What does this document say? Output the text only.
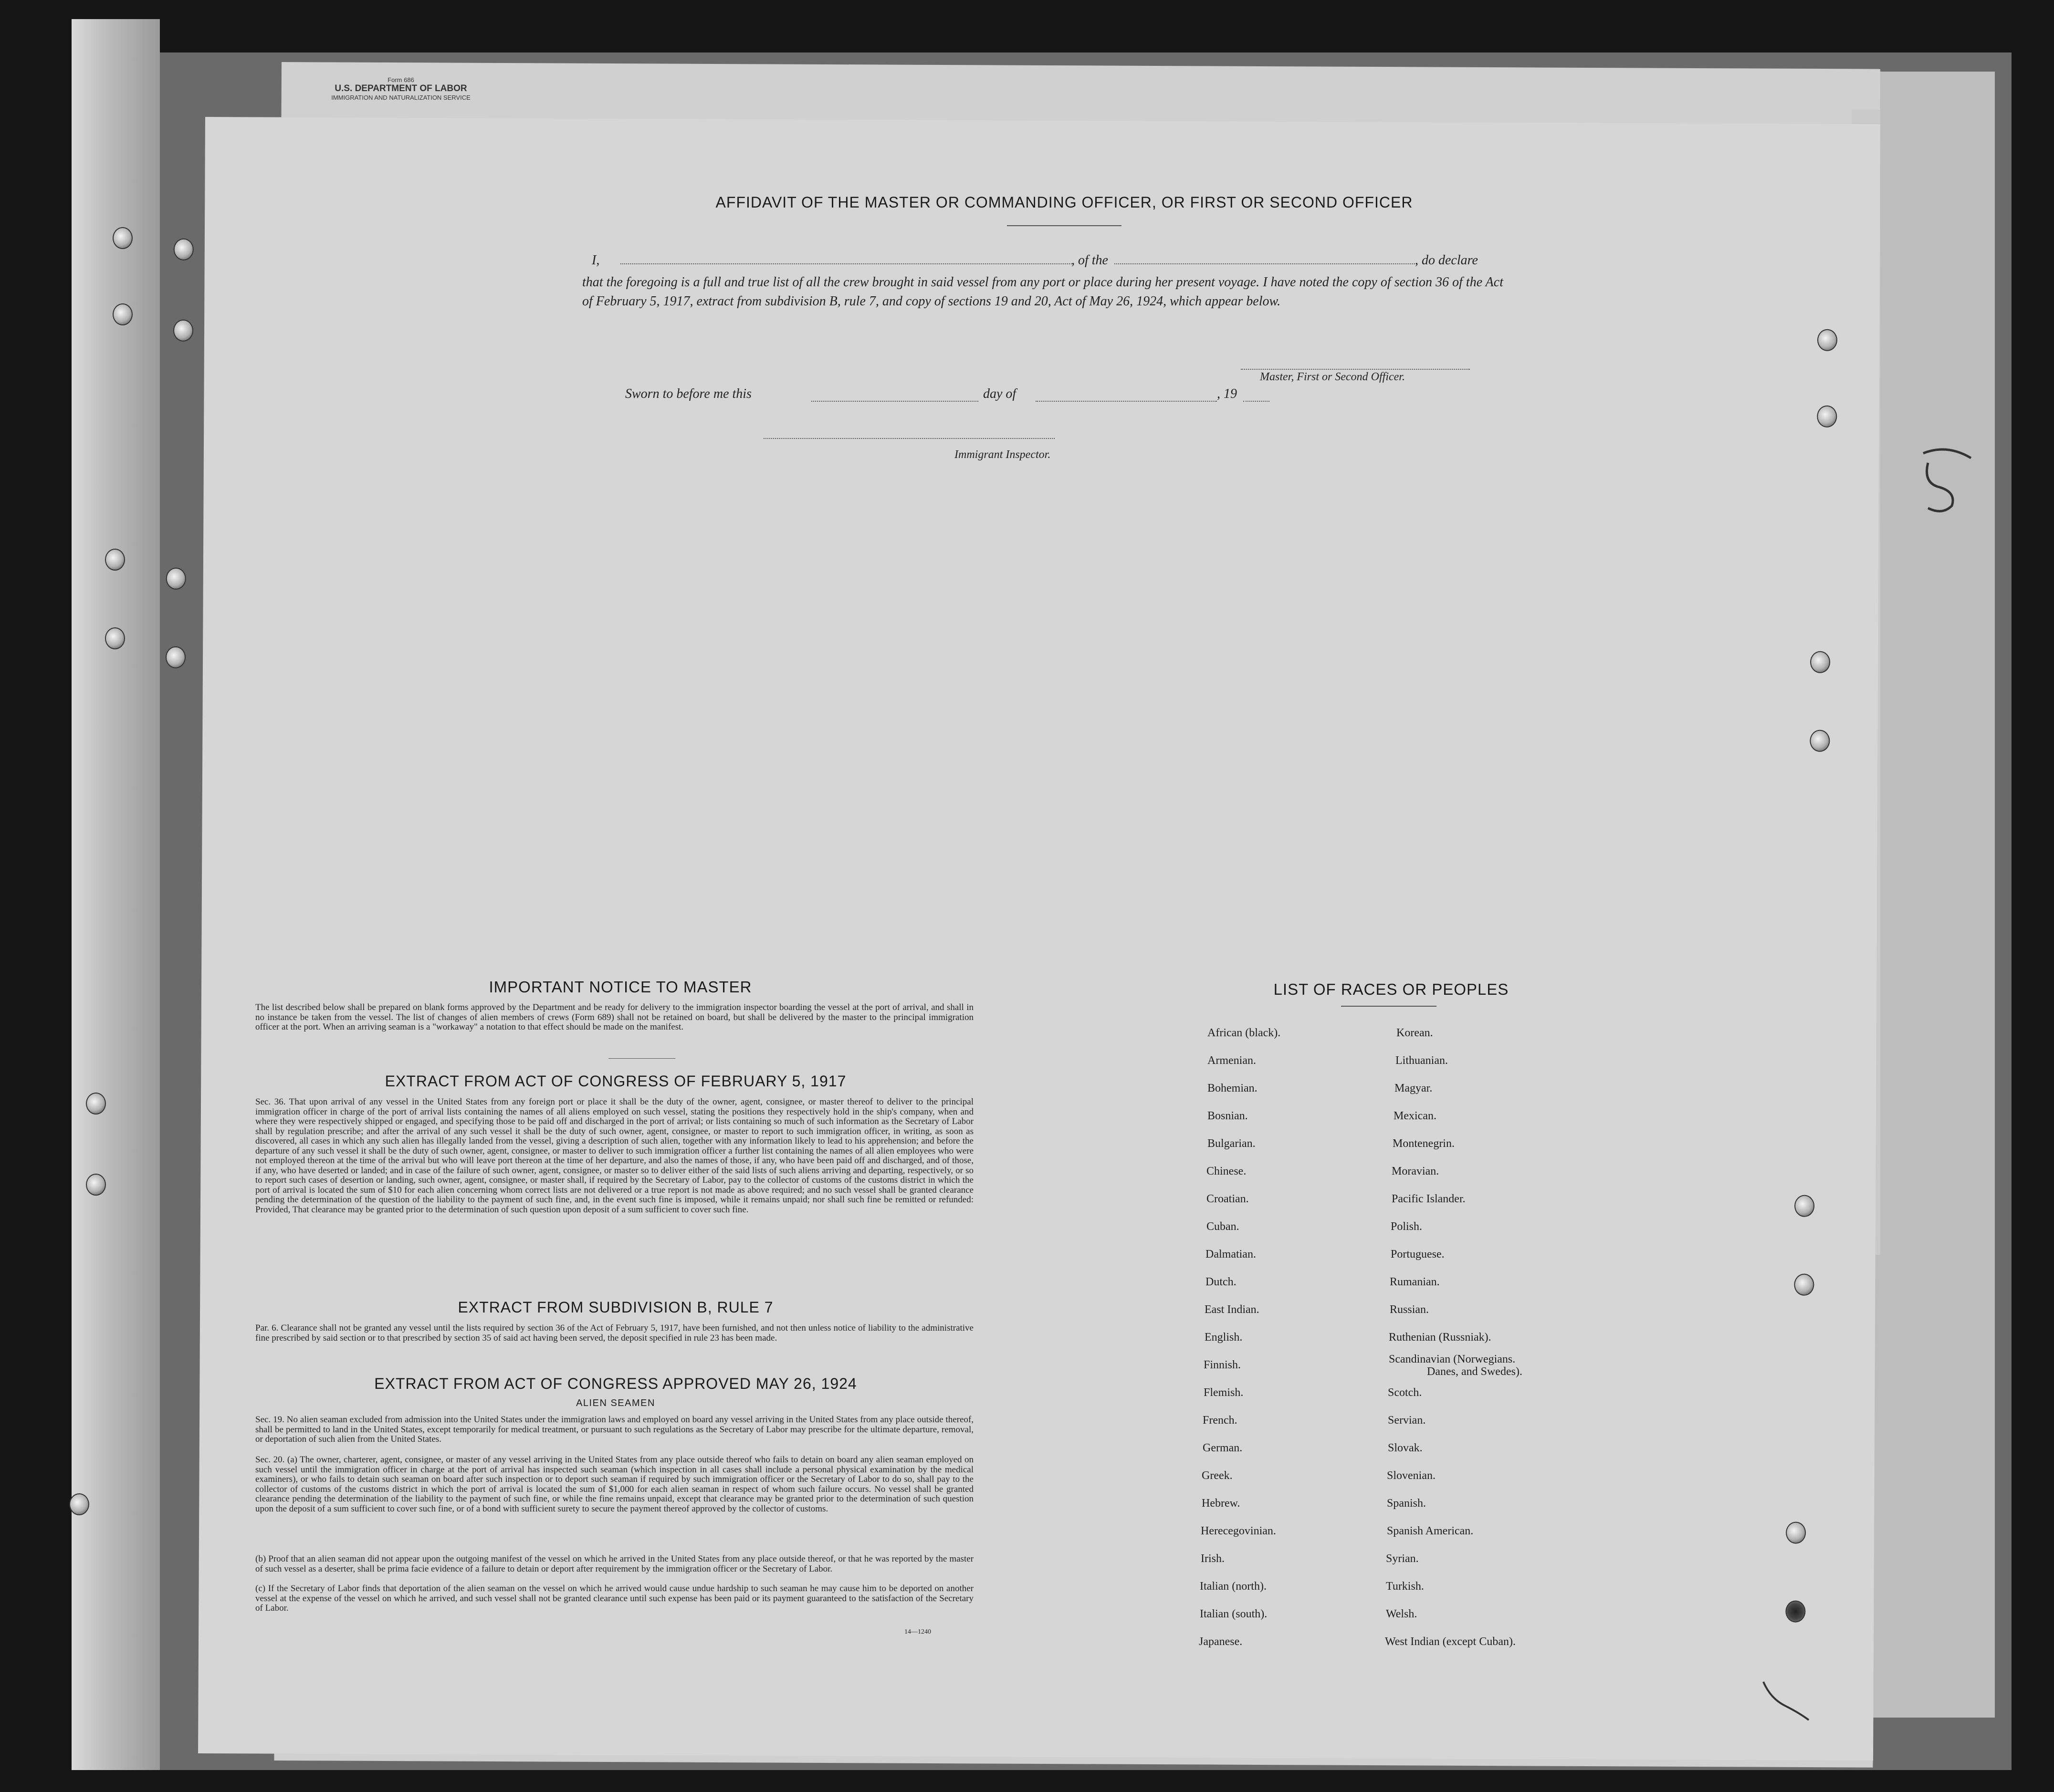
Form 686
U.S. DEPARTMENT OF LABOR
IMMIGRATION AND NATURALIZATION SERVICE
AFFIDAVIT OF THE MASTER OR COMMANDING OFFICER, OR FIRST OR SECOND OFFICER
I,	, of the	, do declare
that the foregoing is a full and true list of all the crew brought in said vessel from any port or place during her present voyage. I have noted the copy of section 36 of the Act of February 5, 1917, extract from subdivision B, rule 7, and copy of sections 19 and 20, Act of May 26, 1924, which appear below.
Master, First or Second Officer.
Sworn to before me this	day of	, 19
Immigrant Inspector.
IMPORTANT NOTICE TO MASTER
The list described below shall be prepared on blank forms approved by the Department and be ready for delivery to the immigration inspector boarding the vessel at the port of arrival, and shall in no instance be taken from the vessel. The list of changes of alien members of crews (Form 689) shall not be retained on board, but shall be delivered by the master to the principal immigration officer at the port. When an arriving seaman is a "workaway" a notation to that effect should be made on the manifest.
EXTRACT FROM ACT OF CONGRESS OF FEBRUARY 5, 1917
Sec. 36. That upon arrival of any vessel in the United States from any foreign port or place it shall be the duty of the owner, agent, consignee, or master thereof to deliver to the principal immigration officer in charge of the port of arrival lists containing the names of all aliens employed on such vessel, stating the positions they respectively hold in the ship's company, when and where they were respectively shipped or engaged, and specifying those to be paid off and discharged in the port of arrival; or lists containing so much of such information as the Secretary of Labor shall by regulation prescribe; and after the arrival of any such vessel it shall be the duty of such owner, agent, consignee, or master to report to such immigration officer, in writing, as soon as discovered, all cases in which any such alien has illegally landed from the vessel, giving a description of such alien, together with any information likely to lead to his apprehension; and before the departure of any such vessel it shall be the duty of such owner, agent, consignee, or master to deliver to such immigration officer a further list containing the names of all alien employees who were not employed thereon at the time of the arrival but who will leave port thereon at the time of her departure, and also the names of those, if any, who have been paid off and discharged, and of those, if any, who have deserted or landed; and in case of the failure of such owner, agent, consignee, or master so to deliver either of the said lists of such aliens arriving and departing, respectively, or so to report such cases of desertion or landing, such owner, agent, consignee, or master shall, if required by the Secretary of Labor, pay to the collector of customs of the customs district in which the port of arrival is located the sum of $10 for each alien concerning whom correct lists are not delivered or a true report is not made as above required; and no such vessel shall be granted clearance pending the determination of the question of the liability to the payment of such fine, and, in the event such fine is imposed, while it remains unpaid; nor shall such fine be remitted or refunded: Provided, That clearance may be granted prior to the determination of such question upon deposit of a sum sufficient to cover such fine.
EXTRACT FROM SUBDIVISION B, RULE 7
Par. 6. Clearance shall not be granted any vessel until the lists required by section 36 of the Act of February 5, 1917, have been furnished, and not then unless notice of liability to the administrative fine prescribed by said section or to that prescribed by section 35 of said act having been served, the deposit specified in rule 23 has been made.
EXTRACT FROM ACT OF CONGRESS APPROVED MAY 26, 1924
ALIEN SEAMEN
Sec. 19. No alien seaman excluded from admission into the United States under the immigration laws and employed on board any vessel arriving in the United States from any place outside thereof, shall be permitted to land in the United States, except temporarily for medical treatment, or pursuant to such regulations as the Secretary of Labor may prescribe for the ultimate departure, removal, or deportation of such alien from the United States.
Sec. 20. (a) The owner, charterer, agent, consignee, or master of any vessel arriving in the United States from any place outside thereof who fails to detain on board any alien seaman employed on such vessel until the immigration officer in charge at the port of arrival has inspected such seaman (which inspection in all cases shall include a personal physical examination by the medical examiners), or who fails to detain such seaman on board after such inspection or to deport such seaman if required by such immigration officer or the Secretary of Labor to do so, shall pay to the collector of customs of the customs district in which the port of arrival is located the sum of $1,000 for each alien seaman in respect of whom such failure occurs. No vessel shall be granted clearance pending the determination of the liability to the payment of such fine, or while the fine remains unpaid, except that clearance may be granted prior to the determination of such question upon the deposit of a sum sufficient to cover such fine, or of a bond with sufficient surety to secure the payment thereof approved by the collector of customs.
(b) Proof that an alien seaman did not appear upon the outgoing manifest of the vessel on which he arrived in the United States from any place outside thereof, or that he was reported by the master of such vessel as a deserter, shall be prima facie evidence of a failure to detain or deport after requirement by the immigration officer or the Secretary of Labor.
(c) If the Secretary of Labor finds that deportation of the alien seaman on the vessel on which he arrived would cause undue hardship to such seaman he may cause him to be deported on another vessel at the expense of the vessel on which he arrived, and such vessel shall not be granted clearance until such expense has been paid or its payment guaranteed to the satisfaction of the Secretary of Labor.
14—1240
LIST OF RACES OR PEOPLES
African (black).
Armenian.
Bohemian.
Bosnian.
Bulgarian.
Chinese.
Croatian.
Cuban.
Dalmatian.
Dutch.
East Indian.
English.
Finnish.
Flemish.
French.
German.
Greek.
Hebrew.
Herecegovinian.
Irish.
Italian (north).
Italian (south).
Japanese.
Korean.
Lithuanian.
Magyar.
Mexican.
Montenegrin.
Moravian.
Pacific Islander.
Polish.
Portuguese.
Rumanian.
Russian.
Ruthenian (Russniak).
Scandinavian (Norwegians.
Danes, and Swedes).
Scotch.
Servian.
Slovak.
Slovenian.
Spanish.
Spanish American.
Syrian.
Turkish.
Welsh.
West Indian (except Cuban).
